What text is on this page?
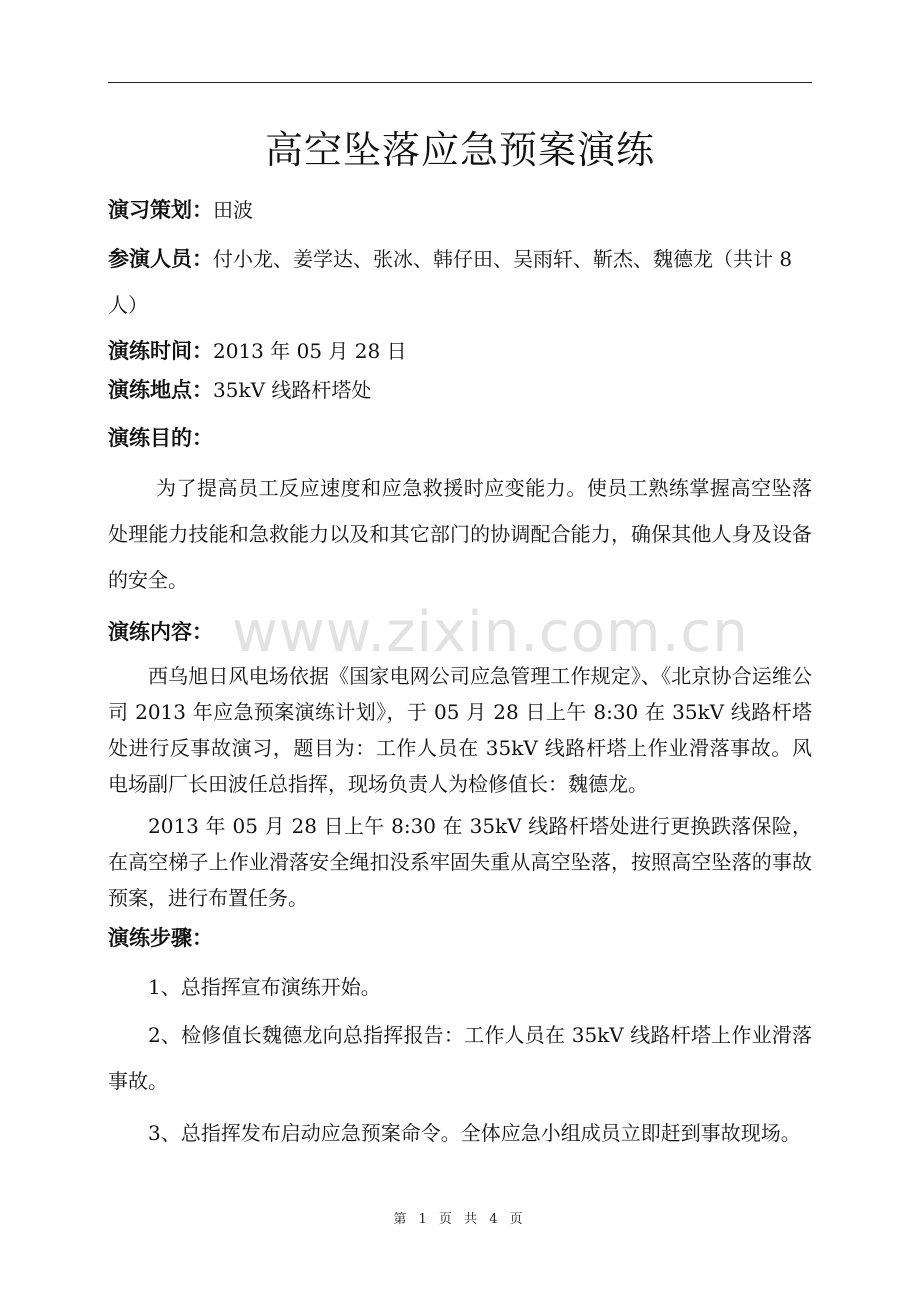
高空坠落应急预案演练

演习策划：田波

参演人员：付小龙、姜学达、张冰、韩仔田、吴雨轩、靳杰、魏德龙（共计 8 人）

演练时间：2013 年 05 月 28 日

演练地点：35kV 线路杆塔处

演练目的：

为了提高员工反应速度和应急救援时应变能力。使员工熟练掌握高空坠落处理能力技能和急救能力以及和其它部门的协调配合能力，确保其他人身及设备的安全。

演练内容： www.zixin.com.cn

西乌旭日风电场依据《国家电网公司应急管理工作规定》、《北京协合运维公司 2013 年应急预案演练计划》，于 05 月 28 日上午 8:30 在 35kV 线路杆塔处进行反事故演习，题目为：工作人员在 35kV 线路杆塔上作业滑落事故。风电场副厂长田波任总指挥，现场负责人为检修值长：魏德龙。

2013 年 05 月 28 日上午 8:30 在 35kV 线路杆塔处进行更换跌落保险，在高空梯子上作业滑落安全绳扣没系牢固失重从高空坠落，按照高空坠落的事故预案，进行布置任务。

演练步骤：

1、总指挥宣布演练开始。

2、检修值长魏德龙向总指挥报告：工作人员在 35kV 线路杆塔上作业滑落事故。

3、总指挥发布启动应急预案命令。全体应急小组成员立即赶到事故现场。

第 1 页 共 4 页
